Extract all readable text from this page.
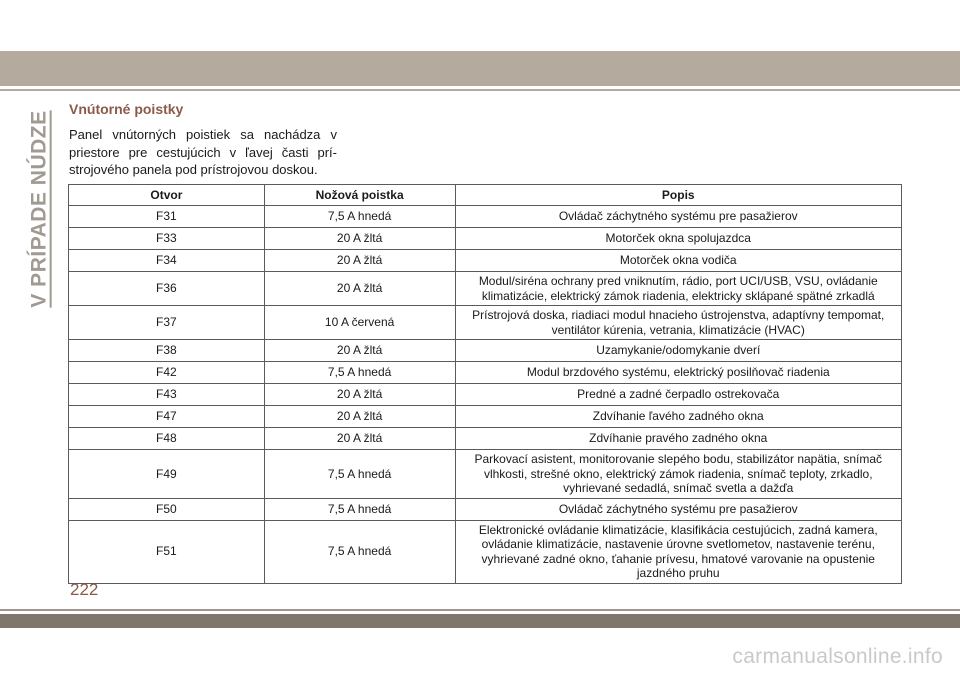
V PRÍPADE NÚDZE
Vnútorné poistky

Panel vnútorných poistiek sa nachádza v priestore pre cestujúcich v ľavej časti prístrojového panela pod prístrojovou doskou.

Otvor	Nožová poistka	Popis
F31	7,5 A hnedá	Ovládač záchytného systému pre pasažierov
F33	20 A žltá	Motorček okna spolujazdca
F34	20 A žltá	Motorček okna vodiča
F36	20 A žltá	Modul/siréna ochrany pred vniknutím, rádio, port UCI/USB, VSU, ovládanie klimatizácie, elektrický zámok riadenia, elektricky sklápané spätné zrkadlá
F37	10 A červená	Prístrojová doska, riadiaci modul hnacieho ústrojenstva, adaptívny tempomat, ventilátor kúrenia, vetrania, klimatizácie (HVAC)
F38	20 A žltá	Uzamykanie/odomykanie dverí
F42	7,5 A hnedá	Modul brzdového systému, elektrický posilňovač riadenia
F43	20 A žltá	Predné a zadné čerpadlo ostrekovača
F47	20 A žltá	Zdvíhanie ľavého zadného okna
F48	20 A žltá	Zdvíhanie pravého zadného okna
F49	7,5 A hnedá	Parkovací asistent, monitorovanie slepého bodu, stabilizátor napätia, snímač vlhkosti, strešné okno, elektrický zámok riadenia, snímač teploty, zrkadlo, vyhrievané sedadlá, snímač svetla a dažďa
F50	7,5 A hnedá	Ovládač záchytného systému pre pasažierov
F51	7,5 A hnedá	Elektronické ovládanie klimatizácie, klasifikácia cestujúcich, zadná kamera, ovládanie klimatizácie, nastavenie úrovne svetlometov, nastavenie terénu, vyhrievané zadné okno, ťahanie prívesu, hmatové varovanie na opustenie jazdného pruhu

222

carmanualsonline.info
